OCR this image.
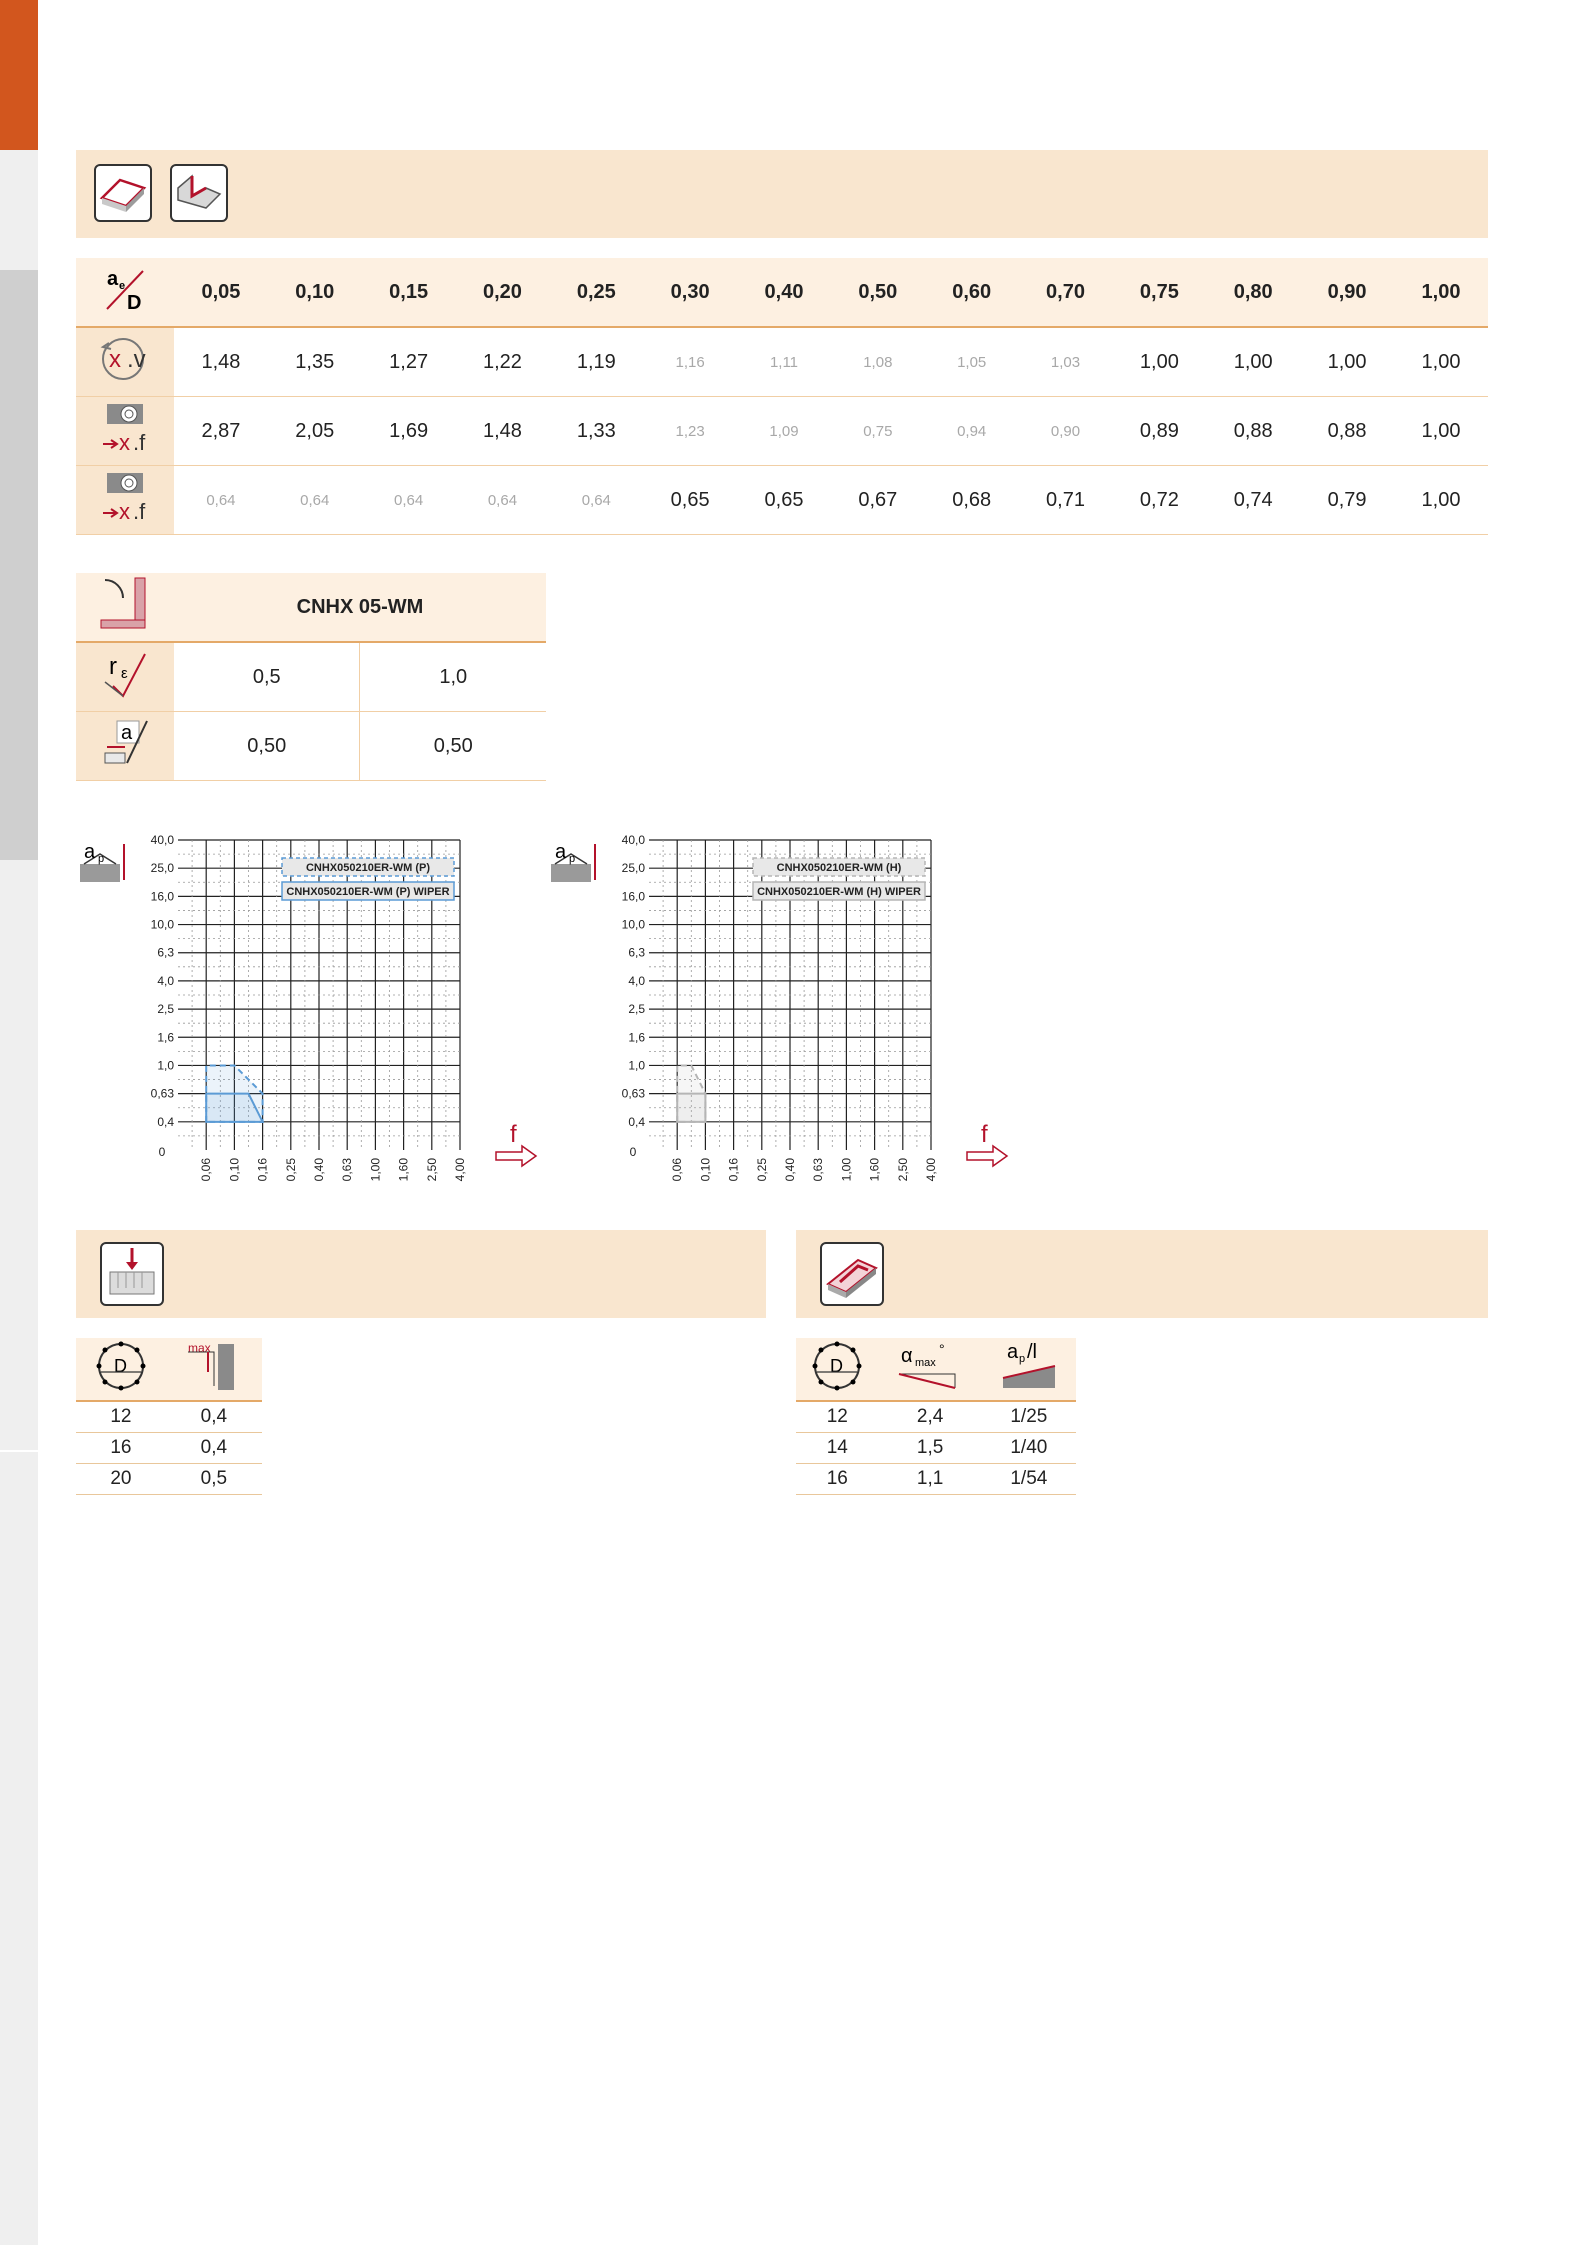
a e
D	0,05	0,10	0,15	0,20	0,25	0,30	0,40	0,50	0,60	0,70	0,75	0,80	0,90	1,00

x .v	1,48	1,35	1,27	1,22	1,19	1,16	1,11	1,08	1,05	1,03	1,00	1,00	1,00	1,00

x .f	2,87	2,05	1,69	1,48	1,33	1,23	1,09	0,75	0,94	0,90	0,89	0,88	0,88	1,00

x .f	0,64	0,64	0,64	0,64	0,64	0,65	0,65	0,67	0,68	0,71	0,72	0,74	0,79	1,00
	CNHX 05-WM	

r ε	0,5	1,0

a	0,50	0,50
a p
0,4
0,63
1,0
1,6
2,5
4,0
6,3
10,0
16,0
25,0
40,0
0
0,06 0,10 0,16 0,25 0,40 0,63 1,00 1,60 2,50 4,00
CNHX050210ER-WM (P)
CNHX050210ER-WM (P) WIPER
f
a p
0,4
0,63
1,0
1,6
2,5
4,0
6,3
10,0
16,0
25,0
40,0
0
0,06 0,10 0,16 0,25 0,40 0,63 1,00 1,60 2,50 4,00
CNHX050210ER-WM (H)
CNHX050210ER-WM (H) WIPER
f
D	max

12	0,4
16	0,4
20	0,5
D	α max
°	a p /l

12	2,4	1/25
14	1,5	1/40
16	1,1	1/54
